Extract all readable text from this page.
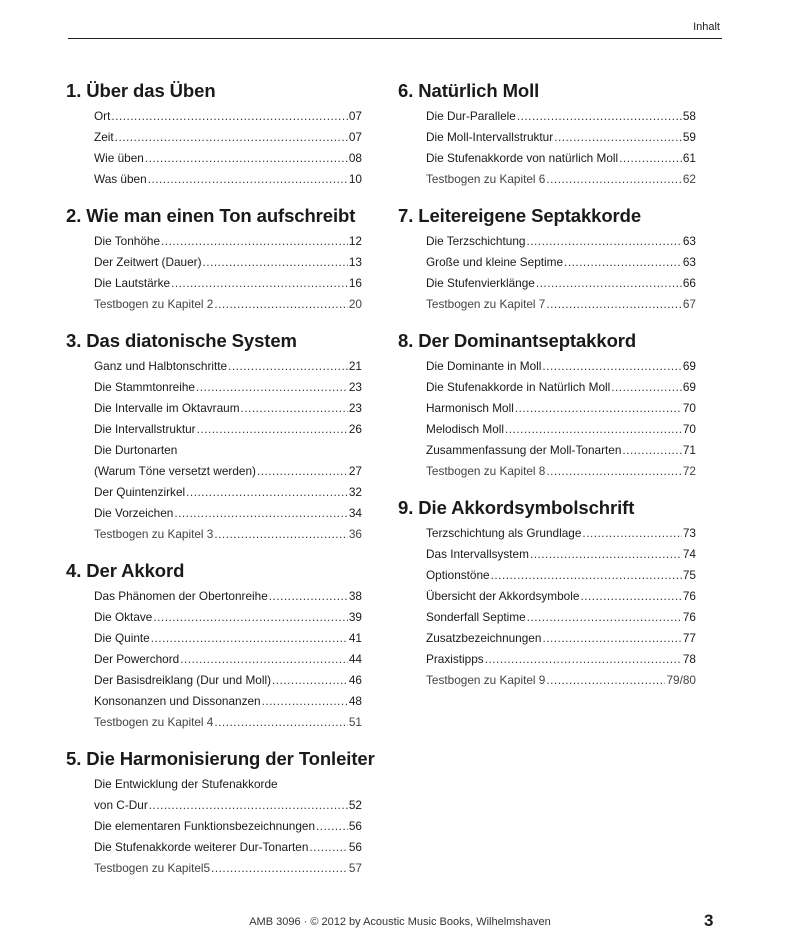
Inhalt
1. Über das Üben
Ort .....	07
Zeit .....	07
Wie üben .....	08
Was üben .....	10
2. Wie man einen Ton aufschreibt
Die Tonhöhe .....	12
Der Zeitwert (Dauer) .....	13
Die Lautstärke .....	16
Testbogen zu Kapitel 2 .....	20
3. Das diatonische System
Ganz und Halbtonschritte .....	21
Die Stammtonreihe .....	23
Die Intervalle im Oktavraum .....	23
Die Intervallstruktur .....	26
Die Durtonarten
(Warum Töne versetzt werden) .....	27
Der Quintenzirkel .....	32
Die Vorzeichen .....	34
Testbogen zu Kapitel 3 .....	36
4. Der Akkord
Das Phänomen der Obertonreihe .....	38
Die Oktave .....	39
Die Quinte .....	41
Der Powerchord .....	44
Der Basisdreiklang (Dur und Moll) .....	46
Konsonanzen und Dissonanzen .....	48
Testbogen zu Kapitel 4 .....	51
5. Die Harmonisierung der Tonleiter
Die Entwicklung der Stufenakkorde
von C-Dur .....	52
Die elementaren Funktionsbezeichnungen .....	56
Die Stufenakkorde weiterer Dur-Tonarten .....	56
Testbogen zu Kapitel5 .....	57
6. Natürlich Moll
Die Dur-Parallele .....	58
Die Moll-Intervallstruktur .....	59
Die Stufenakkorde von natürlich Moll .....	61
Testbogen zu Kapitel 6 .....	62
7. Leitereigene Septakkorde
Die Terzschichtung .....	63
Große und kleine Septime .....	63
Die Stufenvierklänge .....	66
Testbogen zu Kapitel 7 .....	67
8. Der Dominantseptakkord
Die Dominante in Moll .....	69
Die Stufenakkorde in Natürlich Moll .....	69
Harmonisch Moll .....	70
Melodisch Moll .....	70
Zusammenfassung der Moll-Tonarten .....	71
Testbogen zu Kapitel 8 .....	72
9. Die Akkordsymbolschrift
Terzschichtung als Grundlage .....	73
Das Intervallsystem .....	74
Optionstöne .....	75
Übersicht der Akkordsymbole .....	76
Sonderfall Septime .....	76
Zusatzbezeichnungen .....	77
Praxistipps .....	78
Testbogen zu Kapitel 9 .....	79/80
AMB 3096 · © 2012 by Acoustic Music Books, Wilhelmshaven	3
